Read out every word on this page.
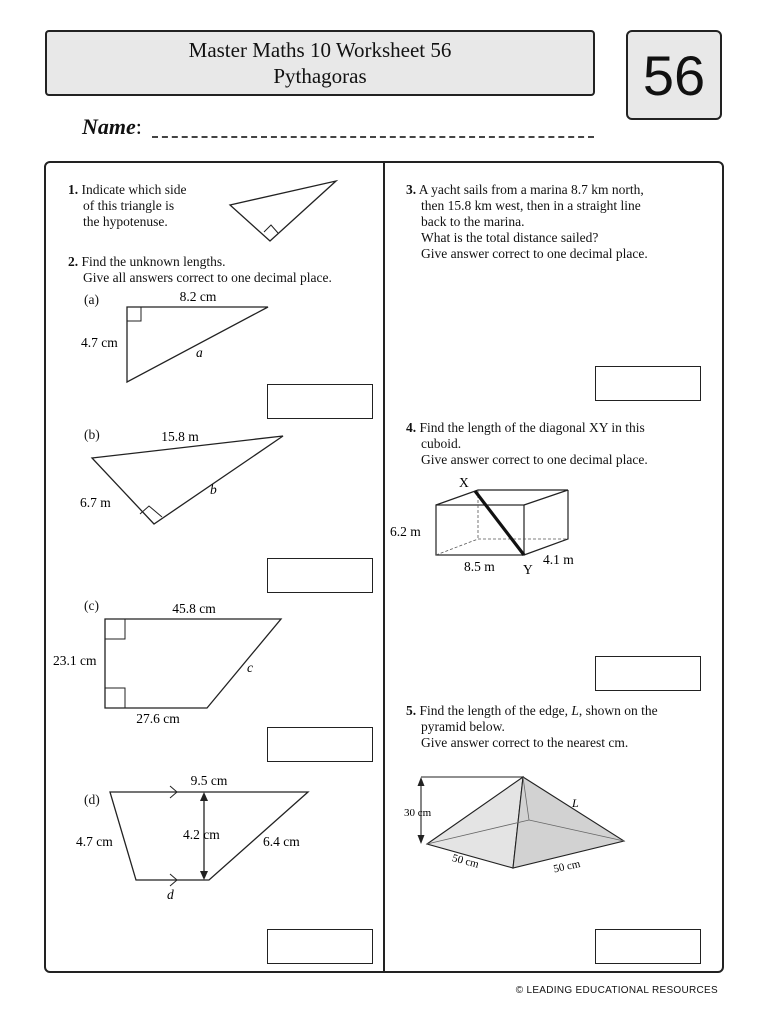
Master Maths 10 Worksheet 56
Pythagoras	56
Name:
1. Indicate which side
of this triangle is
the hypotenuse.
2. Find the unknown lengths.
Give all answers correct to one decimal place.
(a)	8.2 cm
4.7 cm
a
(b)	15.8 m
6.7 m
b
(c)	45.8 cm
23.1 cm
27.6 cm
c
(d)
9.5 cm
4.7 cm	4.2 cm	6.4 cm
d
3. A yacht sails from a marina 8.7 km north,
then 15.8 km west, then in a straight line
back to the marina.
What is the total distance sailed?
Give answer correct to one decimal place.
4. Find the length of the diagonal XY in this
cuboid.
Give answer correct to one decimal place.
X
Y
6.2 m
8.5 m	4.1 m
5. Find the length of the edge, L, shown on the
pyramid below.
Give answer correct to the nearest cm.
30 cm
50 cm	50 cm
L
© LEADING EDUCATIONAL RESOURCES
